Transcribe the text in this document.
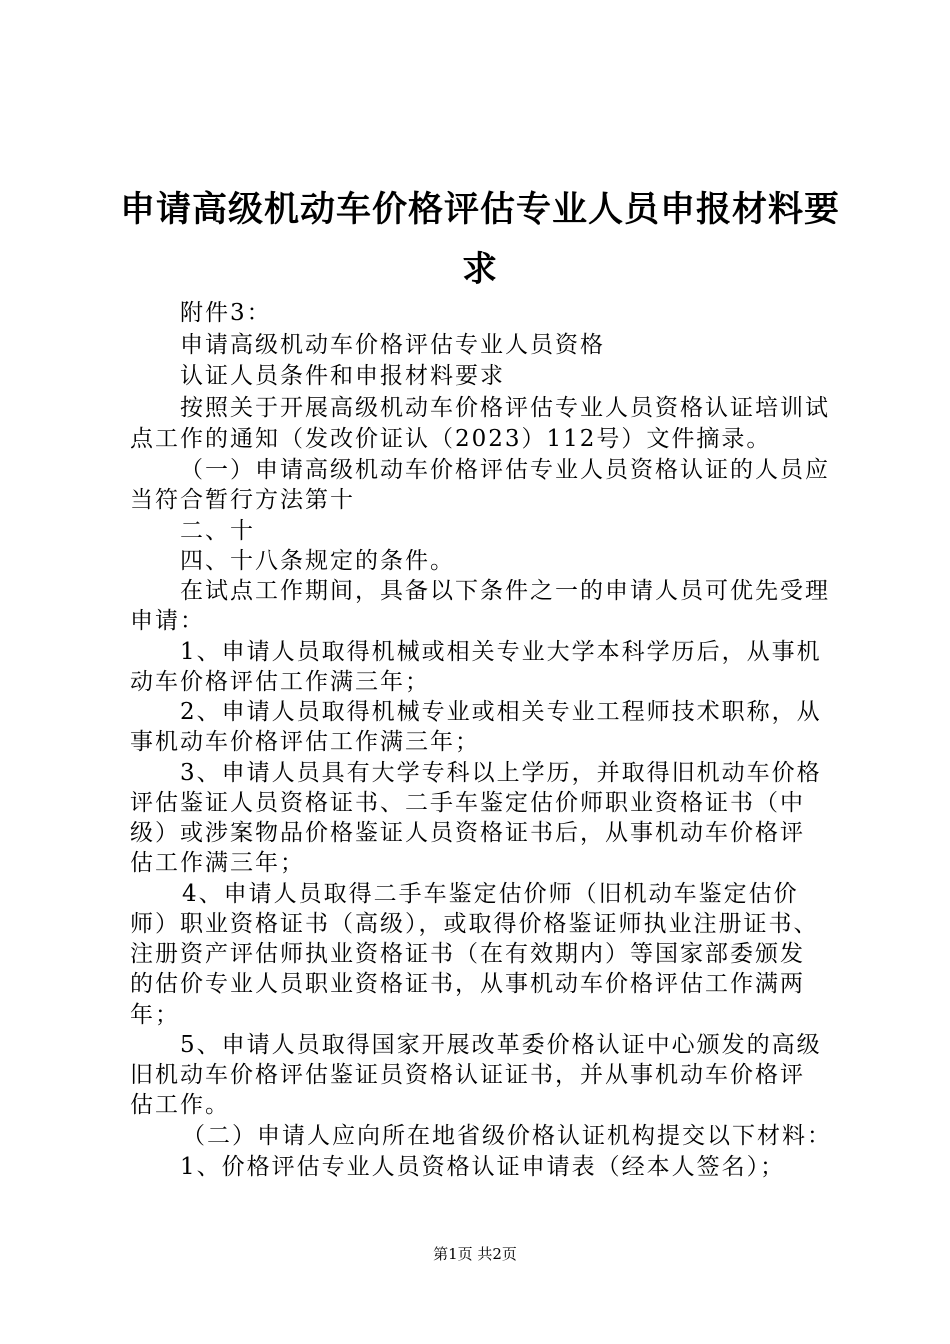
申请高级机动车价格评估专业人员申报材料要
求
附件3：
申请高级机动车价格评估专业人员资格
认证人员条件和申报材料要求
按照关于开展高级机动车价格评估专业人员资格认证培训试
点工作的通知（发改价证认（2023）112号）文件摘录。
（一）申请高级机动车价格评估专业人员资格认证的人员应
当符合暂行方法第十
二、十
四、十八条规定的条件。
在试点工作期间，具备以下条件之一的申请人员可优先受理
申请：
1、申请人员取得机械或相关专业大学本科学历后，从事机
动车价格评估工作满三年；
2、申请人员取得机械专业或相关专业工程师技术职称，从
事机动车价格评估工作满三年；
3、申请人员具有大学专科以上学历，并取得旧机动车价格
评估鉴证人员资格证书、二手车鉴定估价师职业资格证书（中
级）或涉案物品价格鉴证人员资格证书后，从事机动车价格评
估工作满三年；
4、申请人员取得二手车鉴定估价师（旧机动车鉴定估价
师）职业资格证书（高级），或取得价格鉴证师执业注册证书、
注册资产评估师执业资格证书（在有效期内）等国家部委颁发
的估价专业人员职业资格证书，从事机动车价格评估工作满两
年；
5、申请人员取得国家开展改革委价格认证中心颁发的高级
旧机动车价格评估鉴证员资格认证证书，并从事机动车价格评
估工作。
（二）申请人应向所在地省级价格认证机构提交以下材料：
1、价格评估专业人员资格认证申请表（经本人签名）；
第1页 共2页
